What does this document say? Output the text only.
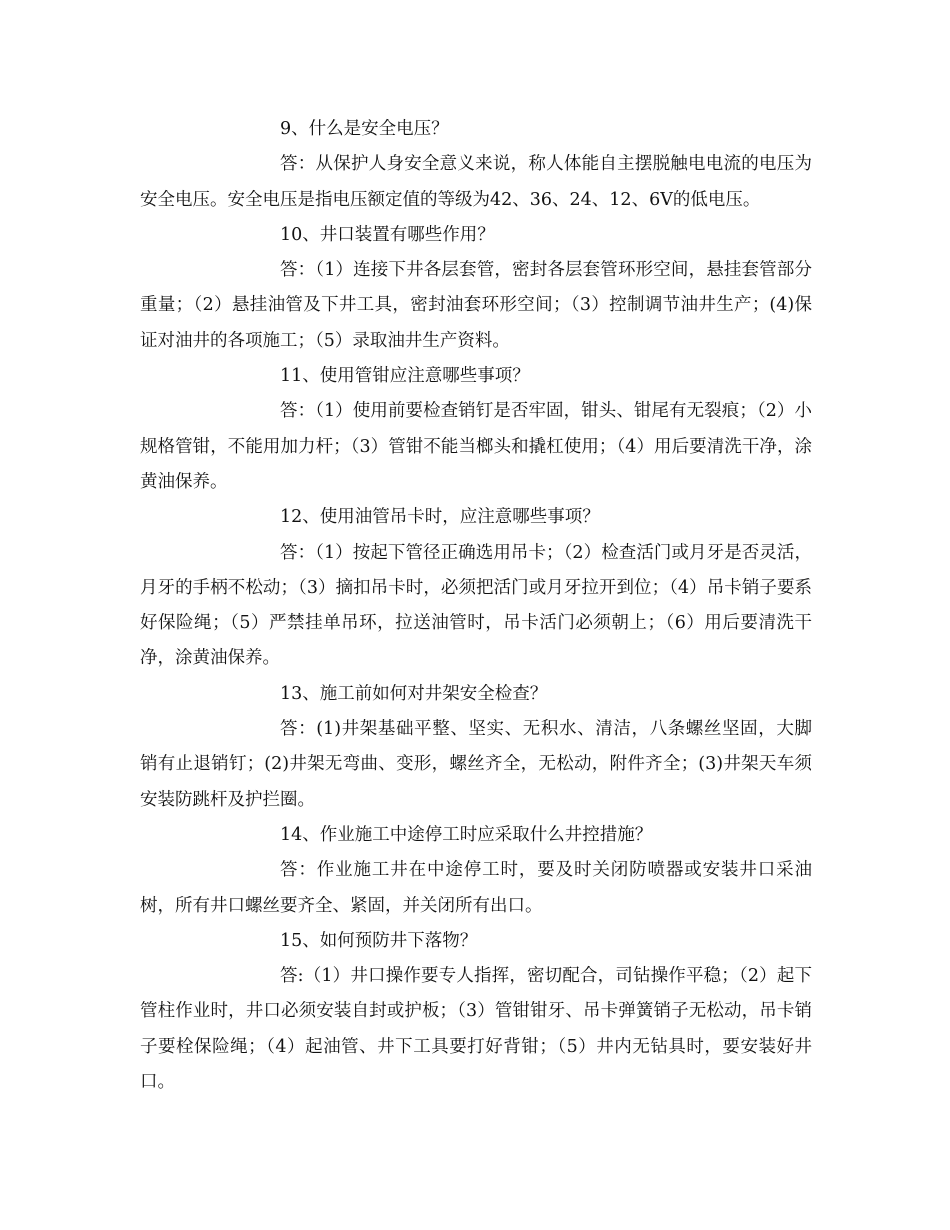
9、什么是安全电压？

答：从保护人身安全意义来说，称人体能自主摆脱触电电流的电压为安全电压。安全电压是指电压额定值的等级为42、36、24、12、6V的低电压。

10、井口装置有哪些作用？

答：（1）连接下井各层套管，密封各层套管环形空间，悬挂套管部分重量；（2）悬挂油管及下井工具，密封油套环形空间；（3）控制调节油井生产；(4)保证对油井的各项施工；（5）录取油井生产资料。

11、使用管钳应注意哪些事项？

答：（1）使用前要检查销钉是否牢固，钳头、钳尾有无裂痕；（2）小规格管钳，不能用加力杆；（3）管钳不能当榔头和撬杠使用；（4）用后要清洗干净，涂黄油保养。

12、使用油管吊卡时，应注意哪些事项？

答：（1）按起下管径正确选用吊卡；（2）检查活门或月牙是否灵活，月牙的手柄不松动；（3）摘扣吊卡时，必须把活门或月牙拉开到位；（4）吊卡销子要系好保险绳；（5）严禁挂单吊环，拉送油管时，吊卡活门必须朝上；（6）用后要清洗干净，涂黄油保养。

13、施工前如何对井架安全检查？

答：(1)井架基础平整、坚实、无积水、清洁，八条螺丝坚固，大脚销有止退销钉；(2)井架无弯曲、变形，螺丝齐全，无松动，附件齐全；(3)井架天车须安装防跳杆及护拦圈。

14、作业施工中途停工时应采取什么井控措施？

答：作业施工井在中途停工时，要及时关闭防喷器或安装井口采油树，所有井口螺丝要齐全、紧固，并关闭所有出口。

15、如何预防井下落物？

答:（1）井口操作要专人指挥，密切配合，司钻操作平稳；（2）起下管柱作业时，井口必须安装自封或护板；（3）管钳钳牙、吊卡弹簧销子无松动，吊卡销子要栓保险绳；（4）起油管、井下工具要打好背钳；（5）井内无钻具时，要安装好井口。
